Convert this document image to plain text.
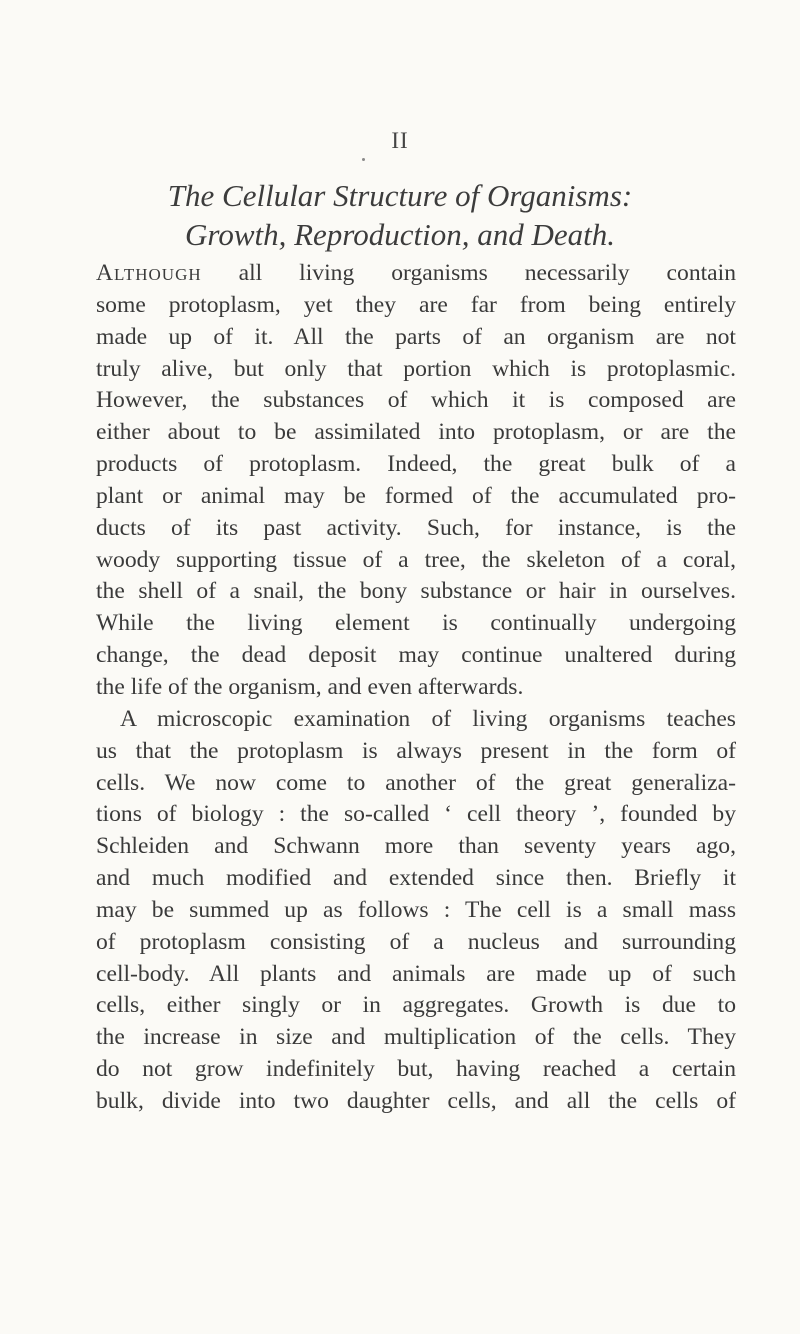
II
The Cellular Structure of Organisms:
Growth, Reproduction, and Death.
Although all living organisms necessarily contain
some protoplasm, yet they are far from being entirely
made up of it. All the parts of an organism are not
truly alive, but only that portion which is protoplasmic.
However, the substances of which it is composed are
either about to be assimilated into protoplasm, or are the
products of protoplasm. Indeed, the great bulk of a
plant or animal may be formed of the accumulated pro-
ducts of its past activity. Such, for instance, is the
woody supporting tissue of a tree, the skeleton of a coral,
the shell of a snail, the bony substance or hair in ourselves.
While the living element is continually undergoing
change, the dead deposit may continue unaltered during
the life of the organism, and even afterwards.
A microscopic examination of living organisms teaches
us that the protoplasm is always present in the form of
cells. We now come to another of the great generaliza-
tions of biology : the so-called ‘ cell theory ’, founded by
Schleiden and Schwann more than seventy years ago,
and much modified and extended since then. Briefly it
may be summed up as follows : The cell is a small mass
of protoplasm consisting of a nucleus and surrounding
cell-body. All plants and animals are made up of such
cells, either singly or in aggregates. Growth is due to
the increase in size and multiplication of the cells. They
do not grow indefinitely but, having reached a certain
bulk, divide into two daughter cells, and all the cells of
